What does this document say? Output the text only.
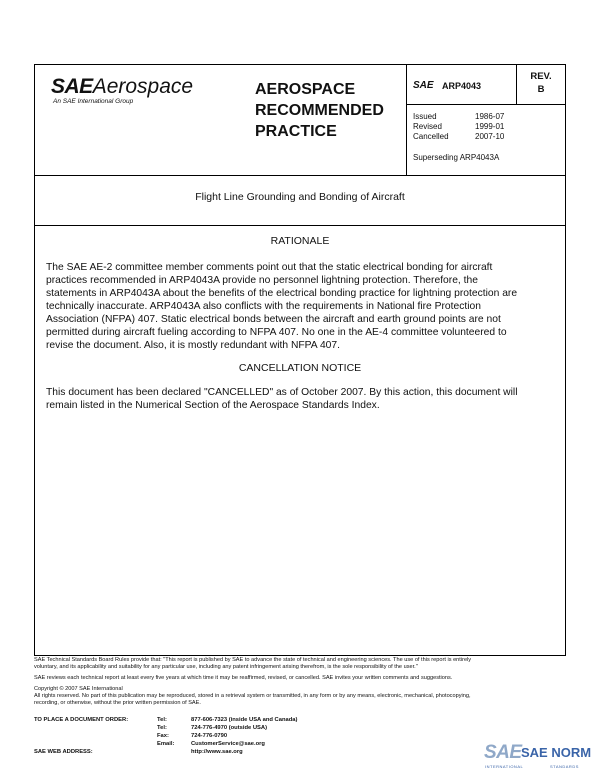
SAEAerospace
An SAE International Group
AEROSPACE RECOMMENDED PRACTICE
SAE ARP4043
REV.
B
Issued	1986-07
Revised	1999-01
Cancelled	2007-10
Superseding ARP4043A
Flight Line Grounding and Bonding of Aircraft
RATIONALE
The SAE AE-2 committee member comments point out that the static electrical bonding for aircraft
practices recommended in ARP4043A provide no personnel lightning protection. Therefore, the
statements in ARP4043A about the benefits of the electrical bonding practice for lightning protection are
technically inaccurate. ARP4043A also conflicts with the requirements in National fire Protection
Association (NFPA) 407. Static electrical bonds between the aircraft and earth ground points are not
permitted during aircraft fueling according to NFPA 407. No one in the AE-4 committee volunteered to
revise the document. Also, it is mostly redundant with NFPA 407.
CANCELLATION NOTICE
This document has been declared "CANCELLED" as of October 2007. By this action, this document will
remain listed in the Numerical Section of the Aerospace Standards Index.
SAE Technical Standards Board Rules provide that: "This report is published by SAE to advance the state of technical and engineering sciences. The use of this report is entirely
voluntary, and its applicability and suitability for any particular use, including any patent infringement arising therefrom, is the sole responsibility of the user."
SAE reviews each technical report at least every five years at which time it may be reaffirmed, revised, or cancelled. SAE invites your written comments and suggestions.
Copyright © 2007 SAE International
All rights reserved. No part of this publication may be reproduced, stored in a retrieval system or transmitted, in any form or by any means, electronic, mechanical, photocopying,
recording, or otherwise, without the prior written permission of SAE.
TO PLACE A DOCUMENT ORDER:	Tel:	877-606-7323 (inside USA and Canada)
Tel:	724-776-4970 (outside USA)
Fax:	724-776-0790
Email:	CustomerService@sae.org
SAE WEB ADDRESS:	http://www.sae.org	SAE SAE NORM
INTERNATIONAL	STANDARDS
